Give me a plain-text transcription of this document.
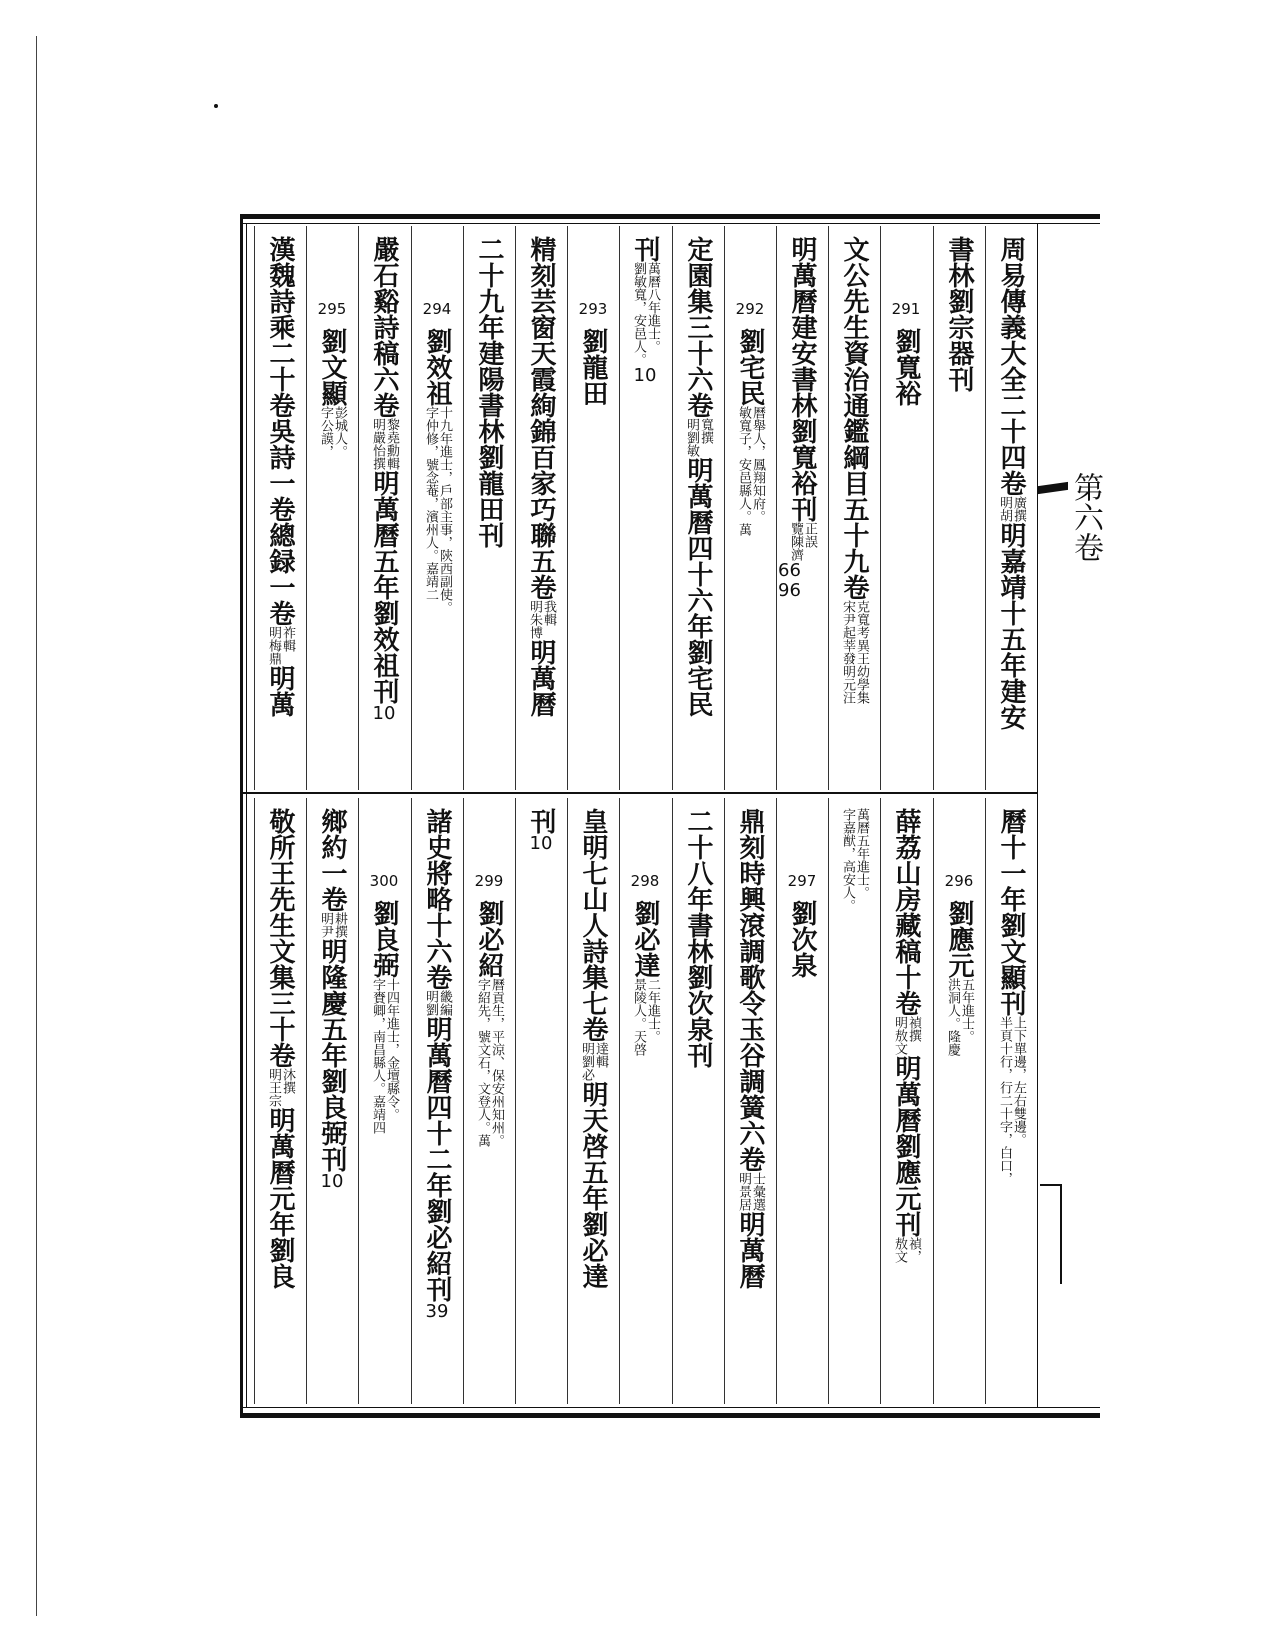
第六卷
周易傳義大全二十四卷
明胡 廣撰
明嘉靖十五年建安
書林劉宗器刊
291
劉寬裕
文公先生資治通鑑綱目五十九卷
宋尹起莘發明元汪 克寬考異王幼學集
明萬曆建安書林劉寬裕刊
覽陳濟 正誤
66 96
292
劉宅民
敏寬子，安邑縣人。萬 曆舉人，鳳翔知府。
定園集三十六卷
明劉敏 寬撰
明萬曆四十六年劉宅民
刊
劉敏寬，安邑人。 萬曆八年進士。
10
293
劉龍田
精刻芸窗天霞絢錦百家巧聯五卷
明朱博 我輯
明萬曆
二十九年建陽書林劉龍田刊
294
劉效祖
字仲修，號念菴，濱州人。嘉靖二 十九年進士，戶部主事，陝西副使。
嚴石谿詩稿六卷
明嚴怡撰 黎堯勳輯
明萬曆五年劉效祖刊
10
295
劉文顯
字公謨， 彭城人。
漢魏詩乘二十卷吳詩一卷總録一卷
明梅鼎 祚輯
明萬
曆十一年劉文顯刊
半頁十行，行二十字，白口， 上下單邊，左右雙邊。
296
劉應元
洪洞人。隆慶 五年進士。
薛荔山房藏稿十卷
明敖文 禎撰
明萬曆劉應元刊
敖文 禎，
字嘉猷，高安人。 萬曆五年進士。
297
劉次泉
鼎刻時興滾調歌令玉谷調簧六卷
明景居 士彙選
明萬曆
二十八年書林劉次泉刊
298
劉必達
景陵人。天啓 二年進士。
皇明七山人詩集七卷
明劉必 達輯
明天啓五年劉必達
刊
10
299
劉必紹
字紹先，號文石，文登人。萬 曆貢生，平涼、保安州知州。
諸史將略十六卷
明劉 畿編
明萬曆四十二年劉必紹刊
39
300
劉良弼
字賚卿，南昌縣人。嘉靖四 十四年進士，金壇縣令。
鄉約一卷
明尹 耕撰
明隆慶五年劉良弼刊
10
敬所王先生文集三十卷
明王宗 沐撰
明萬曆元年劉良
